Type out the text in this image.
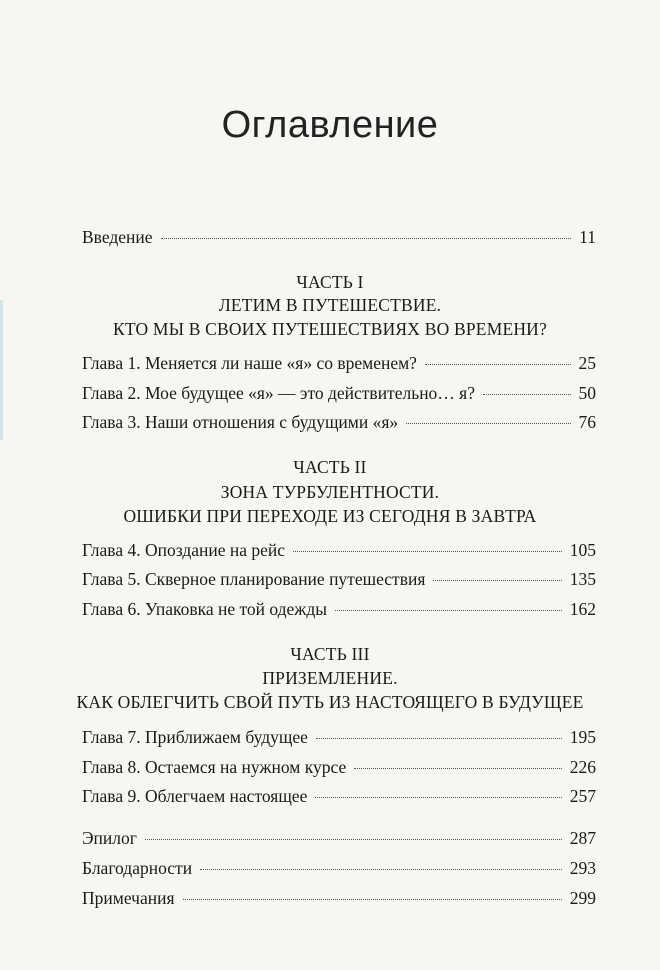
Оглавление
Введение	11
ЧАСТЬ I
ЛЕТИМ В ПУТЕШЕСТВИЕ.
КТО МЫ В СВОИХ ПУТЕШЕСТВИЯХ ВО ВРЕМЕНИ?
Глава 1. Меняется ли наше «я» со временем?	25
Глава 2. Мое будущее «я» — это действительно… я?	50
Глава 3. Наши отношения с будущими «я»	76
ЧАСТЬ II
ЗОНА ТУРБУЛЕНТНОСТИ.
ОШИБКИ ПРИ ПЕРЕХОДЕ ИЗ СЕГОДНЯ В ЗАВТРА
Глава 4. Опоздание на рейс	105
Глава 5. Скверное планирование путешествия	135
Глава 6. Упаковка не той одежды	162
ЧАСТЬ III
ПРИЗЕМЛЕНИЕ.
КАК ОБЛЕГЧИТЬ СВОЙ ПУТЬ ИЗ НАСТОЯЩЕГО В БУДУЩЕЕ
Глава 7. Приближаем будущее	195
Глава 8. Остаемся на нужном курсе	226
Глава 9. Облегчаем настоящее	257
Эпилог	287
Благодарности	293
Примечания	299
